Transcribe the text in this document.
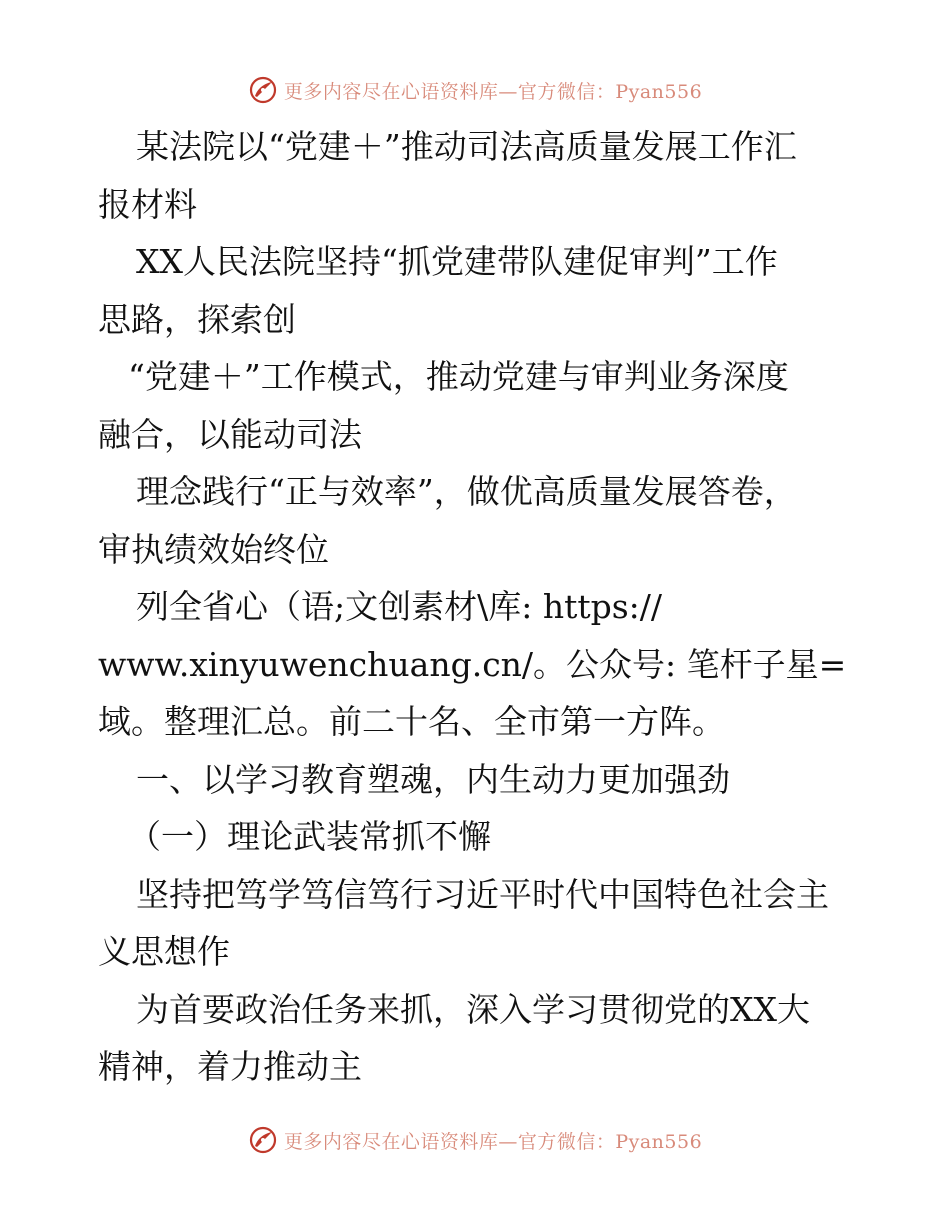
更多内容尽在心语资料库—官方微信：Pyan556
某法院以“党建＋”推动司法高质量发展工作汇
报材料
XX人民法院坚持“抓党建带队建促审判”工作
思路，探索创
“党建＋”工作模式，推动党建与审判业务深度
融合，以能动司法
理念践行“正与效率”，做优高质量发展答卷，
审执绩效始终位
列全省心（语;文创素材\库: https://
www.xinyuwenchuang.cn/。公众号: 笔杆子星=
域。整理汇总。前二十名、全市第一方阵。
一、以学习教育塑魂，内生动力更加强劲
（一）理论武装常抓不懈
坚持把笃学笃信笃行习近平时代中国特色社会主
义思想作
为首要政治任务来抓，深入学习贯彻党的XX大
精神，着力推动主
更多内容尽在心语资料库—官方微信：Pyan556
